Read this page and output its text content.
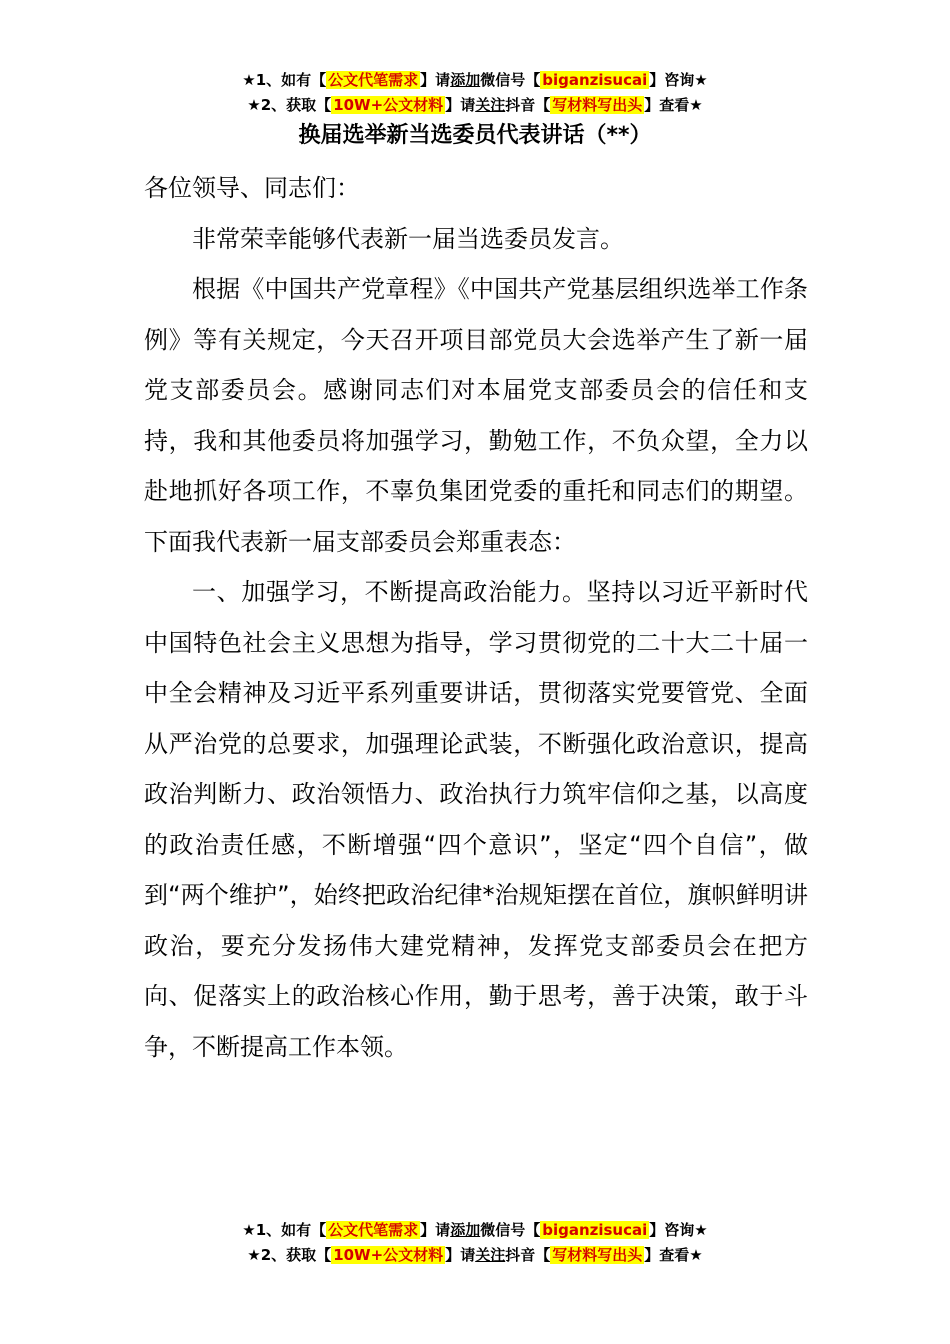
★1、如有【 公文代笔需求 】请添加微信号【 biganzisucai 】咨询★
★2、获取【 10W+公文材料 】请关注抖音【 写材料写出头 】查看★
换届选举新当选委员代表讲话（**）

各位领导、同志们：

非常荣幸能够代表新一届当选委员发言。

根据《中国共产党章程》《中国共产党基层组织选举工作条例》等有关规定，今天召开项目部党员大会选举产生了新一届党支部委员会。感谢同志们对本届党支部委员会的信任和支持，我和其他委员将加强学习，勤勉工作，不负众望，全力以赴地抓好各项工作，不辜负集团党委的重托和同志们的期望。下面我代表新一届支部委员会郑重表态：

一、加强学习，不断提高政治能力。坚持以习近平新时代中国特色社会主义思想为指导，学习贯彻党的二十大二十届一中全会精神及习近平系列重要讲话，贯彻落实党要管党、全面从严治党的总要求，加强理论武装，不断强化政治意识，提高政治判断力、政治领悟力、政治执行力筑牢信仰之基，以高度的政治责任感，不断增强“四个意识”，坚定“四个自信”，做到“两个维护”，始终把政治纪律*治规矩摆在首位，旗帜鲜明讲政治，要充分发扬伟大建党精神，发挥党支部委员会在把方向、促落实上的政治核心作用，勤于思考，善于决策，敢于斗争，不断提高工作本领。

★1、如有【 公文代笔需求 】请添加微信号【 biganzisucai 】咨询★
★2、获取【 10W+公文材料 】请关注抖音【 写材料写出头 】查看★
